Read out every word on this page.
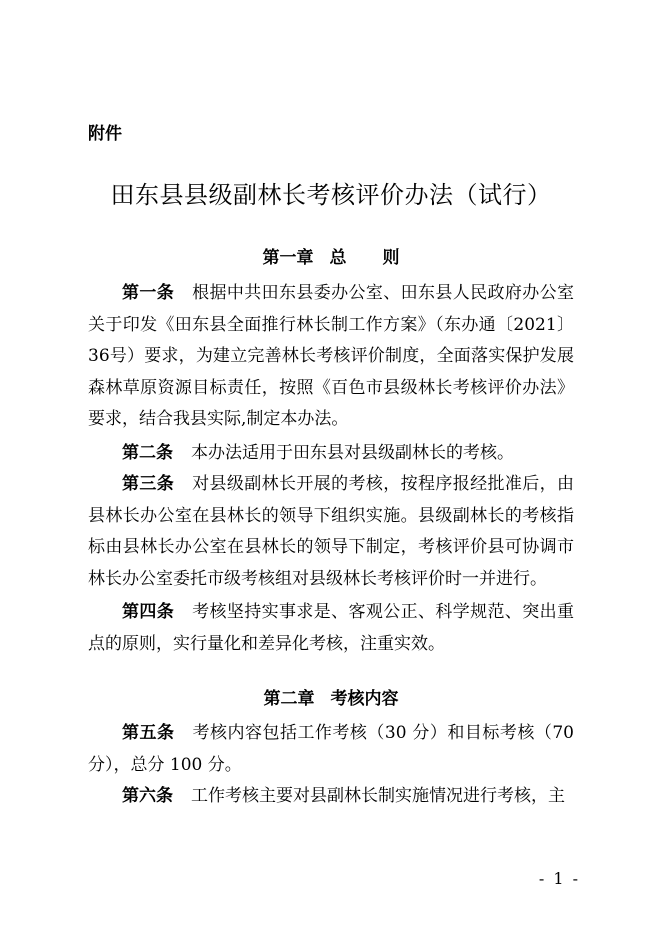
附件
田东县县级副林长考核评价办法（试行）
第一章 总 则

第一条 根据中共田东县委办公室、田东县人民政府办公室关于印发《田东县全面推行林长制工作方案》（东办通〔2021〕36号）要求，为建立完善林长考核评价制度，全面落实保护发展森林草原资源目标责任，按照《百色市县级林长考核评价办法》要求，结合我县实际,制定本办法。

第二条 本办法适用于田东县对县级副林长的考核。

第三条 对县级副林长开展的考核，按程序报经批准后，由县林长办公室在县林长的领导下组织实施。县级副林长的考核指标由县林长办公室在县林长的领导下制定，考核评价县可协调市林长办公室委托市级考核组对县级林长考核评价时一并进行。

第四条 考核坚持实事求是、客观公正、科学规范、突出重点的原则，实行量化和差异化考核，注重实效。

第二章 考核内容

第五条 考核内容包括工作考核（30 分）和目标考核（70 分），总分 100 分。

第六条 工作考核主要对县副林长制实施情况进行考核，主

- 1 -
